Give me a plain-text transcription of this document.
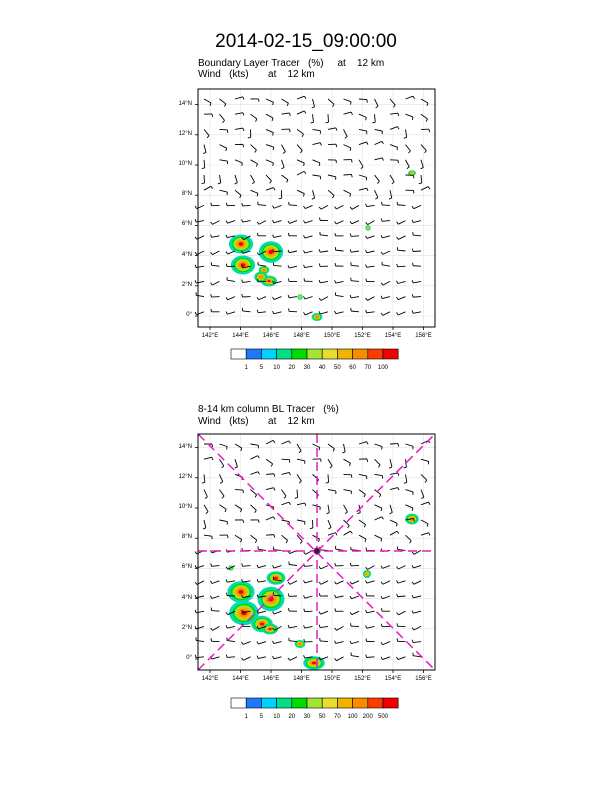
2014-02-15_09:00:00
Boundary Layer Tracer   (%)     at    12 km
Wind   (kts)       at    12 km
8-14 km column BL Tracer   (%)
Wind   (kts)       at    12 km
142°E	144°E	146°E	148°E	150°E	152°E	154°E	156°E
0°
2°N
4°N
6°N
8°N
10°N
12°N
14°N
1	5	10	20	30	40	50	60	70	100
142°E	144°E	146°E	148°E	150°E	152°E	154°E	156°E
0°
2°N
4°N
6°N
8°N
10°N
12°N
14°N
1	5	10	20	30	50	70	100 200 500
